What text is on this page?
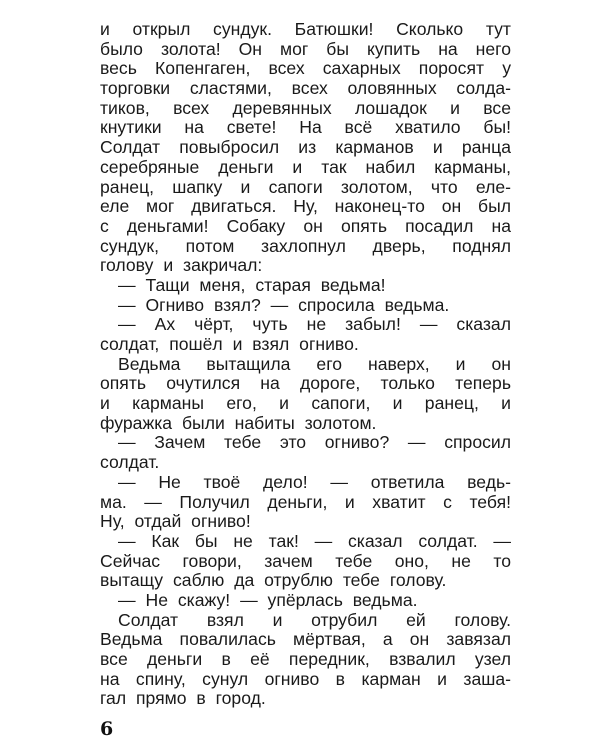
и открыл сундук. Батюшки! Сколько тут
было золота! Он мог бы купить на него
весь Копенгаген, всех сахарных поросят у
торговки сластями, всех оловянных солда-
тиков, всех деревянных лошадок и все
кнутики на свете! На всё хватило бы!
Солдат повыбросил из карманов и ранца
серебряные деньги и так набил карманы,
ранец, шапку и сапоги золотом, что еле-
еле мог двигаться. Ну, наконец-то он был
с деньгами! Собаку он опять посадил на
сундук, потом захлопнул дверь, поднял
голову и закричал:
— Тащи меня, старая ведьма!
— Огниво взял? — спросила ведьма.
— Ах чёрт, чуть не забыл! — сказал
солдат, пошёл и взял огниво.
Ведьма вытащила его наверх, и он
опять очутился на дороге, только теперь
и карманы его, и сапоги, и ранец, и
фуражка были набиты золотом.
— Зачем тебе это огниво? — спросил
солдат.
— Не твоё дело! — ответила ведь-
ма. — Получил деньги, и хватит с тебя!
Ну, отдай огниво!
— Как бы не так! — сказал солдат. —
Сейчас говори, зачем тебе оно, не то
вытащу саблю да отрублю тебе голову.
— Не скажу! — упёрлась ведьма.
Солдат взял и отрубил ей голову.
Ведьма повалилась мёртвая, а он завязал
все деньги в её передник, взвалил узел
на спину, сунул огниво в карман и заша-
гал прямо в город.
6
